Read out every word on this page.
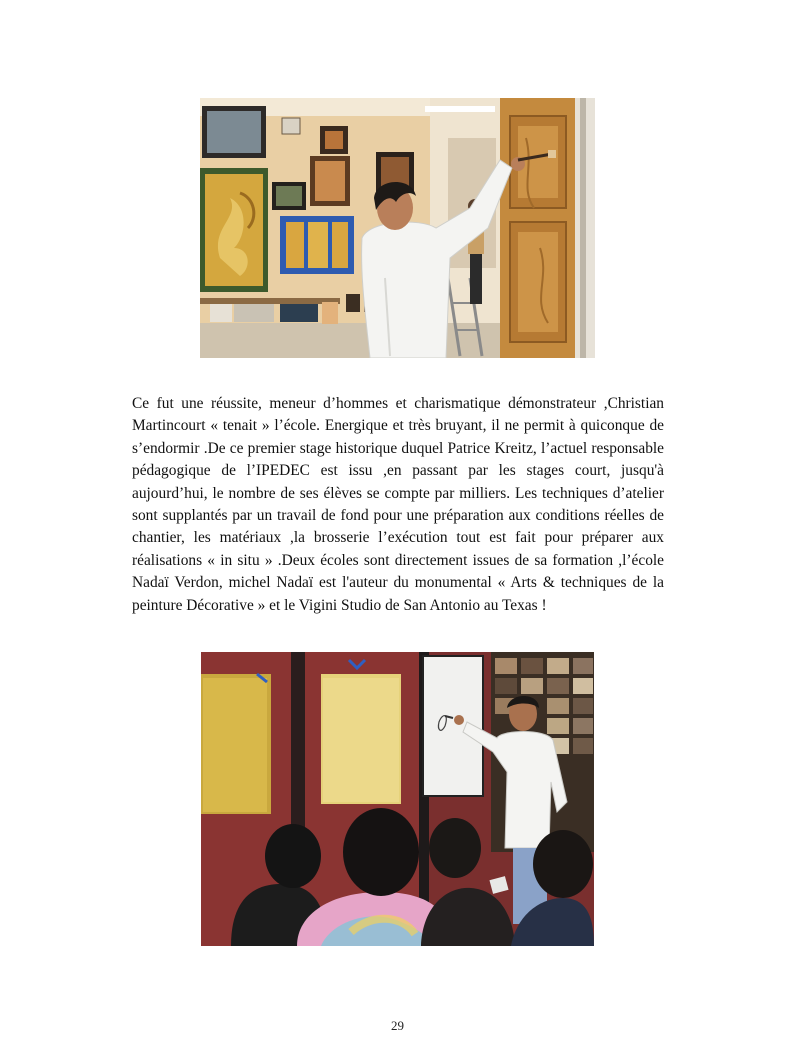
Ce fut une réussite, meneur d’hommes et charismatique démonstrateur ,Christian Martincourt « tenait » l’école. Energique et très bruyant, il ne permit à quiconque de s’endormir .De ce premier stage historique duquel Patrice Kreitz, l’actuel responsable pédagogique de l’IPEDEC est issu ,en passant par les stages court, jusqu'à aujourd’hui, le nombre de ses élèves se compte par milliers. Les techniques d’atelier sont supplantés par un travail de fond pour une préparation aux conditions réelles de chantier, les matériaux ,la brosserie l’exécution tout est fait pour préparer aux réalisations « in situ » .Deux écoles sont directement issues de sa formation ,l’école Nadaï Verdon, michel Nadaï est l'auteur du monumental « Arts & techniques de la peinture Décorative » et le Vigini Studio de San Antonio au Texas !

29
